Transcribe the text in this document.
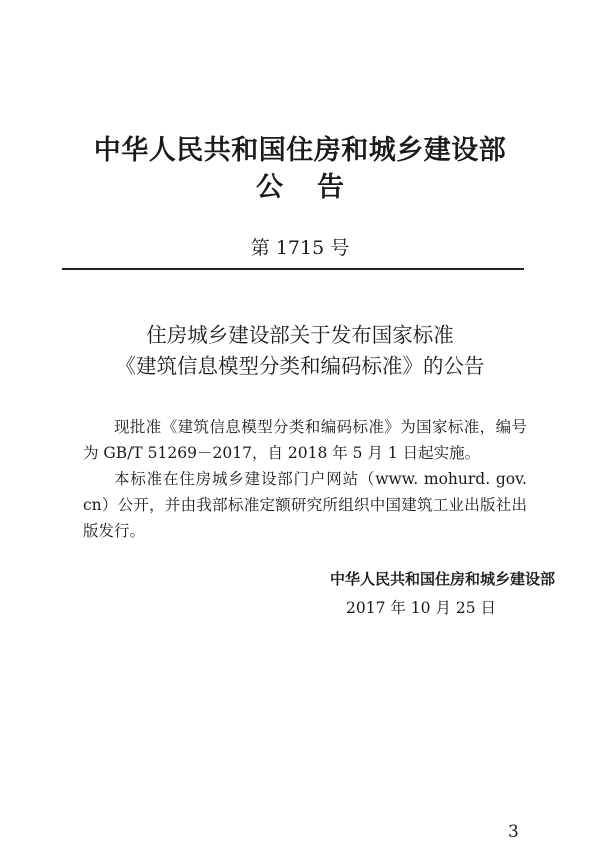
中华人民共和国住房和城乡建设部
公告
第 1715 号
住房城乡建设部关于发布国家标准
《建筑信息模型分类和编码标准》的公告

现批准《建筑信息模型分类和编码标准》为国家标准，编号为 GB/T 51269－2017，自 2018 年 5 月 1 日起实施。

本标准在住房城乡建设部门户网站（www. mohurd. gov. cn）公开，并由我部标准定额研究所组织中国建筑工业出版社出版发行。

中华人民共和国住房和城乡建设部
2017 年 10 月 25 日
3
